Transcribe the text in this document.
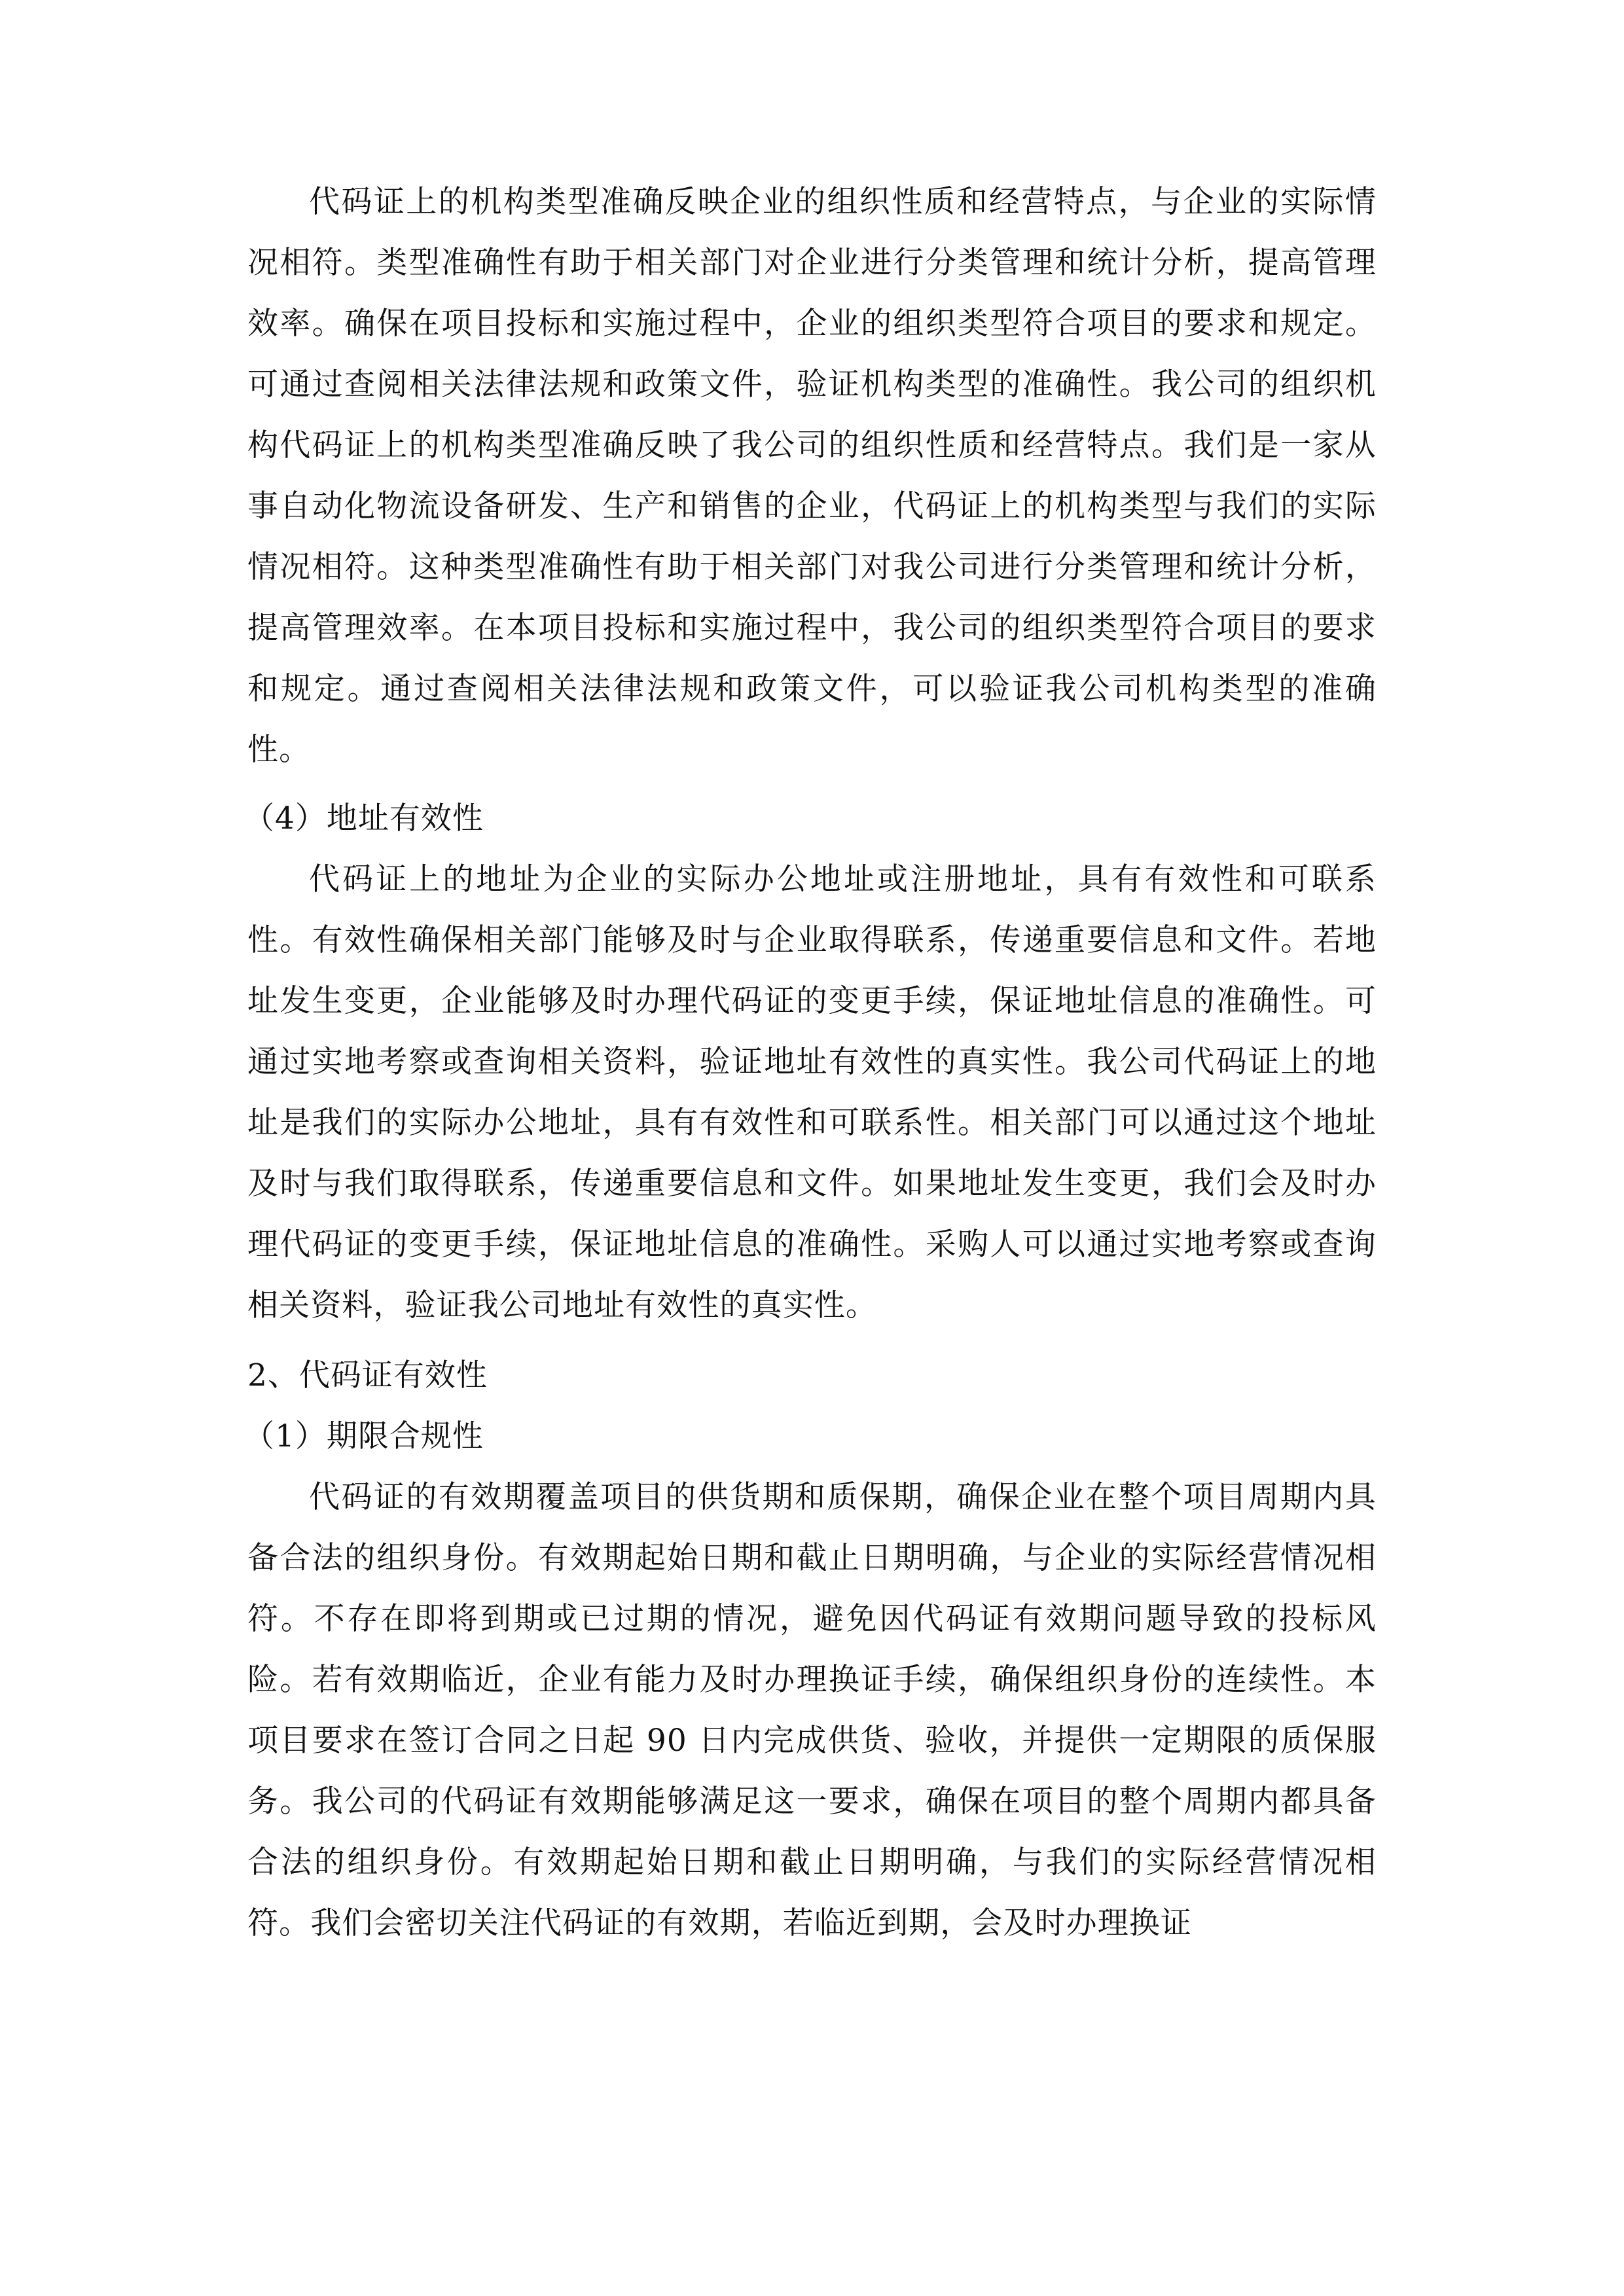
代码证上的机构类型准确反映企业的组织性质和经营特点，与企业的实际情况相符。类型准确性有助于相关部门对企业进行分类管理和统计分析，提高管理效率。确保在项目投标和实施过程中，企业的组织类型符合项目的要求和规定。可通过查阅相关法律法规和政策文件，验证机构类型的准确性。我公司的组织机构代码证上的机构类型准确反映了我公司的组织性质和经营特点。我们是一家从事自动化物流设备研发、生产和销售的企业，代码证上的机构类型与我们的实际情况相符。这种类型准确性有助于相关部门对我公司进行分类管理和统计分析，提高管理效率。在本项目投标和实施过程中，我公司的组织类型符合项目的要求和规定。通过查阅相关法律法规和政策文件，可以验证我公司机构类型的准确性。

（4）地址有效性

代码证上的地址为企业的实际办公地址或注册地址，具有有效性和可联系性。有效性确保相关部门能够及时与企业取得联系，传递重要信息和文件。若地址发生变更，企业能够及时办理代码证的变更手续，保证地址信息的准确性。可通过实地考察或查询相关资料，验证地址有效性的真实性。我公司代码证上的地址是我们的实际办公地址，具有有效性和可联系性。相关部门可以通过这个地址及时与我们取得联系，传递重要信息和文件。如果地址发生变更，我们会及时办理代码证的变更手续，保证地址信息的准确性。采购人可以通过实地考察或查询相关资料，验证我公司地址有效性的真实性。

2、代码证有效性

（1）期限合规性

代码证的有效期覆盖项目的供货期和质保期，确保企业在整个项目周期内具备合法的组织身份。有效期起始日期和截止日期明确，与企业的实际经营情况相符。不存在即将到期或已过期的情况，避免因代码证有效期问题导致的投标风险。若有效期临近，企业有能力及时办理换证手续，确保组织身份的连续性。本项目要求在签订合同之日起 90 日内完成供货、验收，并提供一定期限的质保服务。我公司的代码证有效期能够满足这一要求，确保在项目的整个周期内都具备合法的组织身份。有效期起始日期和截止日期明确，与我们的实际经营情况相符。我们会密切关注代码证的有效期，若临近到期，会及时办理换证
